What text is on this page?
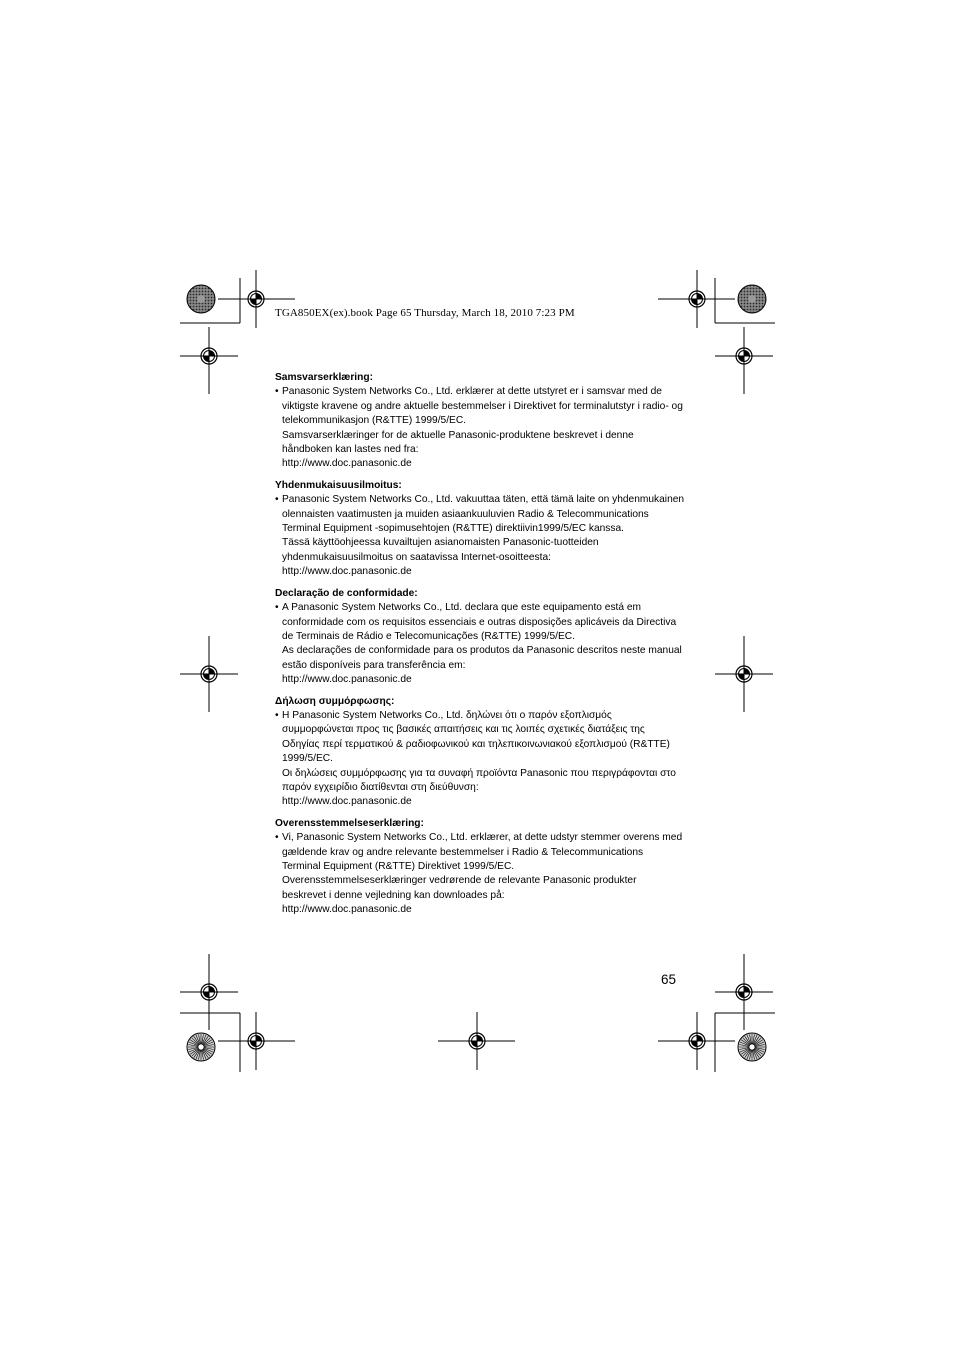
TGA850EX(ex).book Page 65 Thursday, March 18, 2010 7:23 PM
Samsvarserklæring:
• Panasonic System Networks Co., Ltd. erklærer at dette utstyret er i samsvar med de
viktigste kravene og andre aktuelle bestemmelser i Direktivet for terminalutstyr i radio- og
telekommunikasjon (R&TTE) 1999/5/EC.
Samsvarserklæringer for de aktuelle Panasonic-produktene beskrevet i denne
håndboken kan lastes ned fra:
http://www.doc.panasonic.de
Yhdenmukaisuusilmoitus:
• Panasonic System Networks Co., Ltd. vakuuttaa täten, että tämä laite on yhdenmukainen
olennaisten vaatimusten ja muiden asiaankuuluvien Radio & Telecommunications
Terminal Equipment -sopimusehtojen (R&TTE) direktiivin1999/5/EC kanssa.
Tässä käyttöohjeessa kuvailtujen asianomaisten Panasonic-tuotteiden
yhdenmukaisuusilmoitus on saatavissa Internet-osoitteesta:
http://www.doc.panasonic.de
Declaração de conformidade:
• A Panasonic System Networks Co., Ltd. declara que este equipamento está em
conformidade com os requisitos essenciais e outras disposições aplicáveis da Directiva
de Terminais de Rádio e Telecomunicações (R&TTE) 1999/5/EC.
As declarações de conformidade para os produtos da Panasonic descritos neste manual
estão disponíveis para transferência em:
http://www.doc.panasonic.de
Δήλωση συμμόρφωσης:
• Η Panasonic System Networks Co., Ltd. δηλώνει ότι ο παρόν εξοπλισμός
συμμορφώνεται προς τις βασικές απαιτήσεις και τις λοιπές σχετικές διατάξεις της
Οδηγίας περί τερματικού & ραδιοφωνικού και τηλεπικοινωνιακού εξοπλισμού (R&TTE)
1999/5/EC.
Οι δηλώσεις συμμόρφωσης για τα συναφή προϊόντα Panasonic που περιγράφονται στο
παρόν εγχειρίδιο διατίθενται στη διεύθυνση:
http://www.doc.panasonic.de
Overensstemmelseserklæring:
• Vi, Panasonic System Networks Co., Ltd. erklærer, at dette udstyr stemmer overens med
gældende krav og andre relevante bestemmelser i Radio & Telecommunications
Terminal Equipment (R&TTE) Direktivet 1999/5/EC.
Overensstemmelseserklæringer vedrørende de relevante Panasonic produkter
beskrevet i denne vejledning kan downloades på:
http://www.doc.panasonic.de
65
